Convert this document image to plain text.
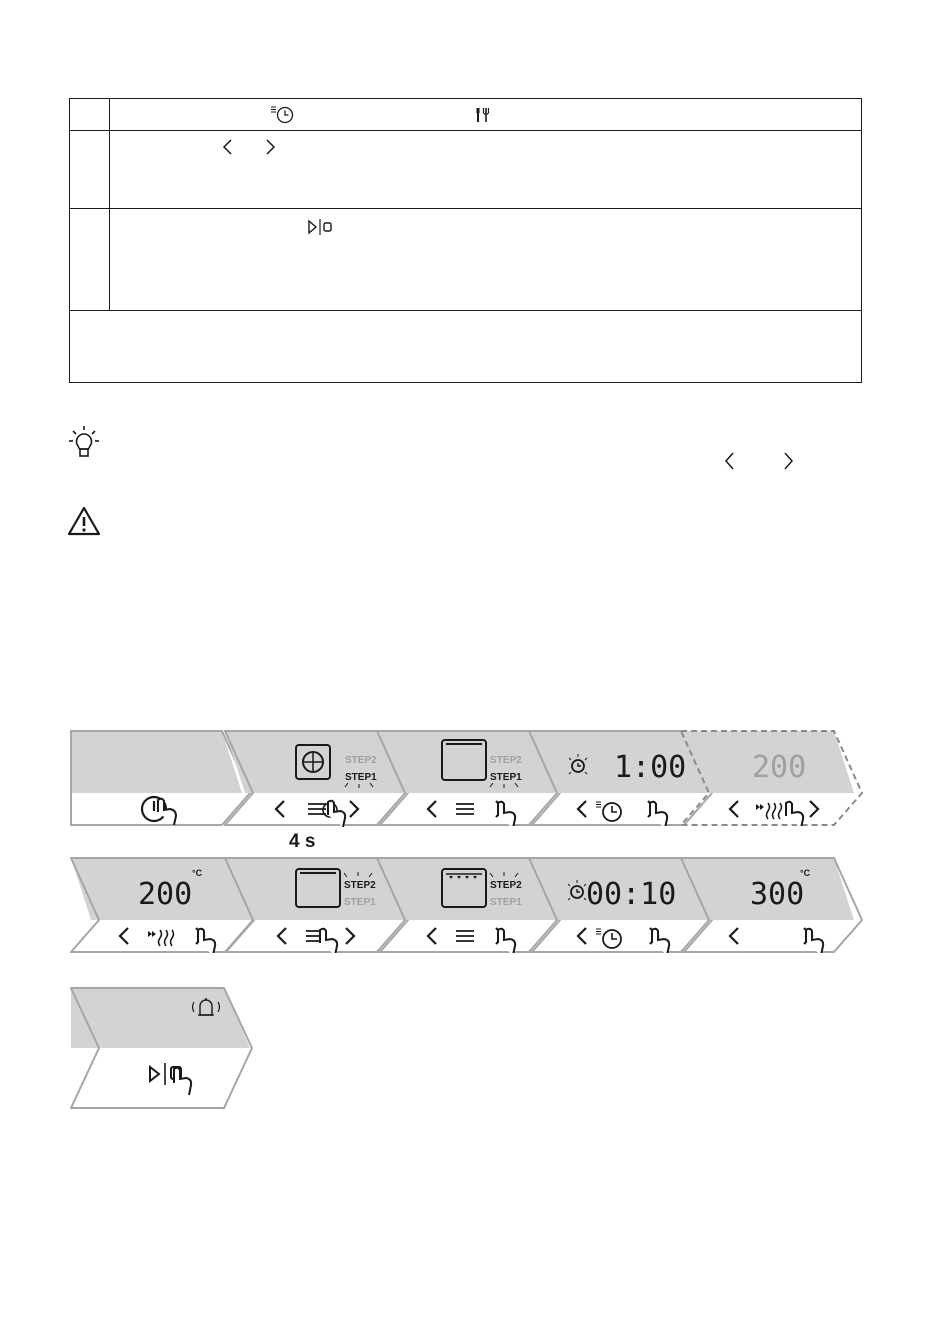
STEP2
STEP1
4 s
STEP2
STEP1	1:00 200
200
°C
STEP2
STEP1
STEP2
STEP1 00:10 300
°C
